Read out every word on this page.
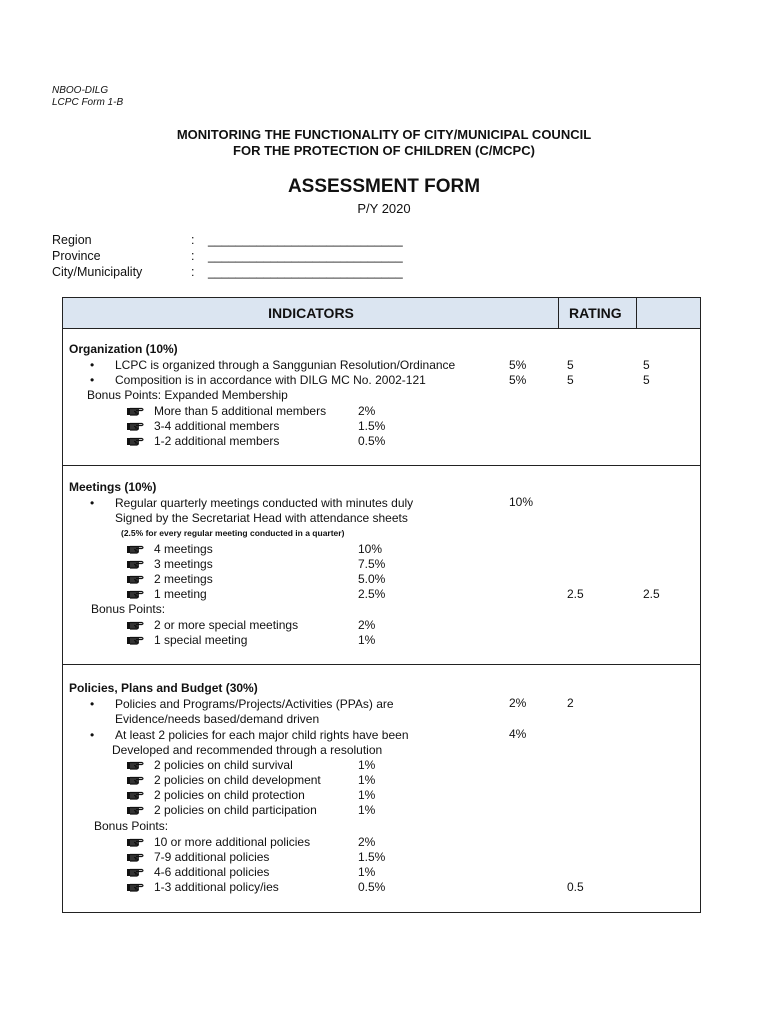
NBOO-DILG
LCPC Form 1-B
MONITORING THE FUNCTIONALITY OF CITY/MUNICIPAL COUNCIL
FOR THE PROTECTION OF CHILDREN (C/MCPC)
ASSESSMENT FORM
P/Y 2020
Region	: ____________________________
Province	: ____________________________
City/Municipality	: ____________________________
INDICATORS	RATING

Organization (10%)
• LCPC is organized through a Sanggunian Resolution/Ordinance	5%	5	5
• Composition is in accordance with DILG MC No. 2002-121	5%	5	5
Bonus Points: Expanded Membership
More than 5 additional members	2%
3-4 additional members	1.5%
1-2 additional members	0.5%

Meetings (10%)
• Regular quarterly meetings conducted with minutes duly	10%
Signed by the Secretariat Head with attendance sheets
(2.5% for every regular meeting conducted in a quarter)
4 meetings	10%
3 meetings	7.5%
2 meetings	5.0%
1 meeting	2.5%	2.5	2.5
Bonus Points:
2 or more special meetings	2%
1 special meeting	1%

Policies, Plans and Budget (30%)
• Policies and Programs/Projects/Activities (PPAs) are	2%	2
Evidence/needs based/demand driven
• At least 2 policies for each major child rights have been	4%
Developed and recommended through a resolution
2 policies on child survival	1%
2 policies on child development	1%
2 policies on child protection	1%
2 policies on child participation	1%
Bonus Points:
10 or more additional policies	2%
7-9 additional policies	1.5%
4-6 additional policies	1%
1-3 additional policy/ies	0.5%	0.5
